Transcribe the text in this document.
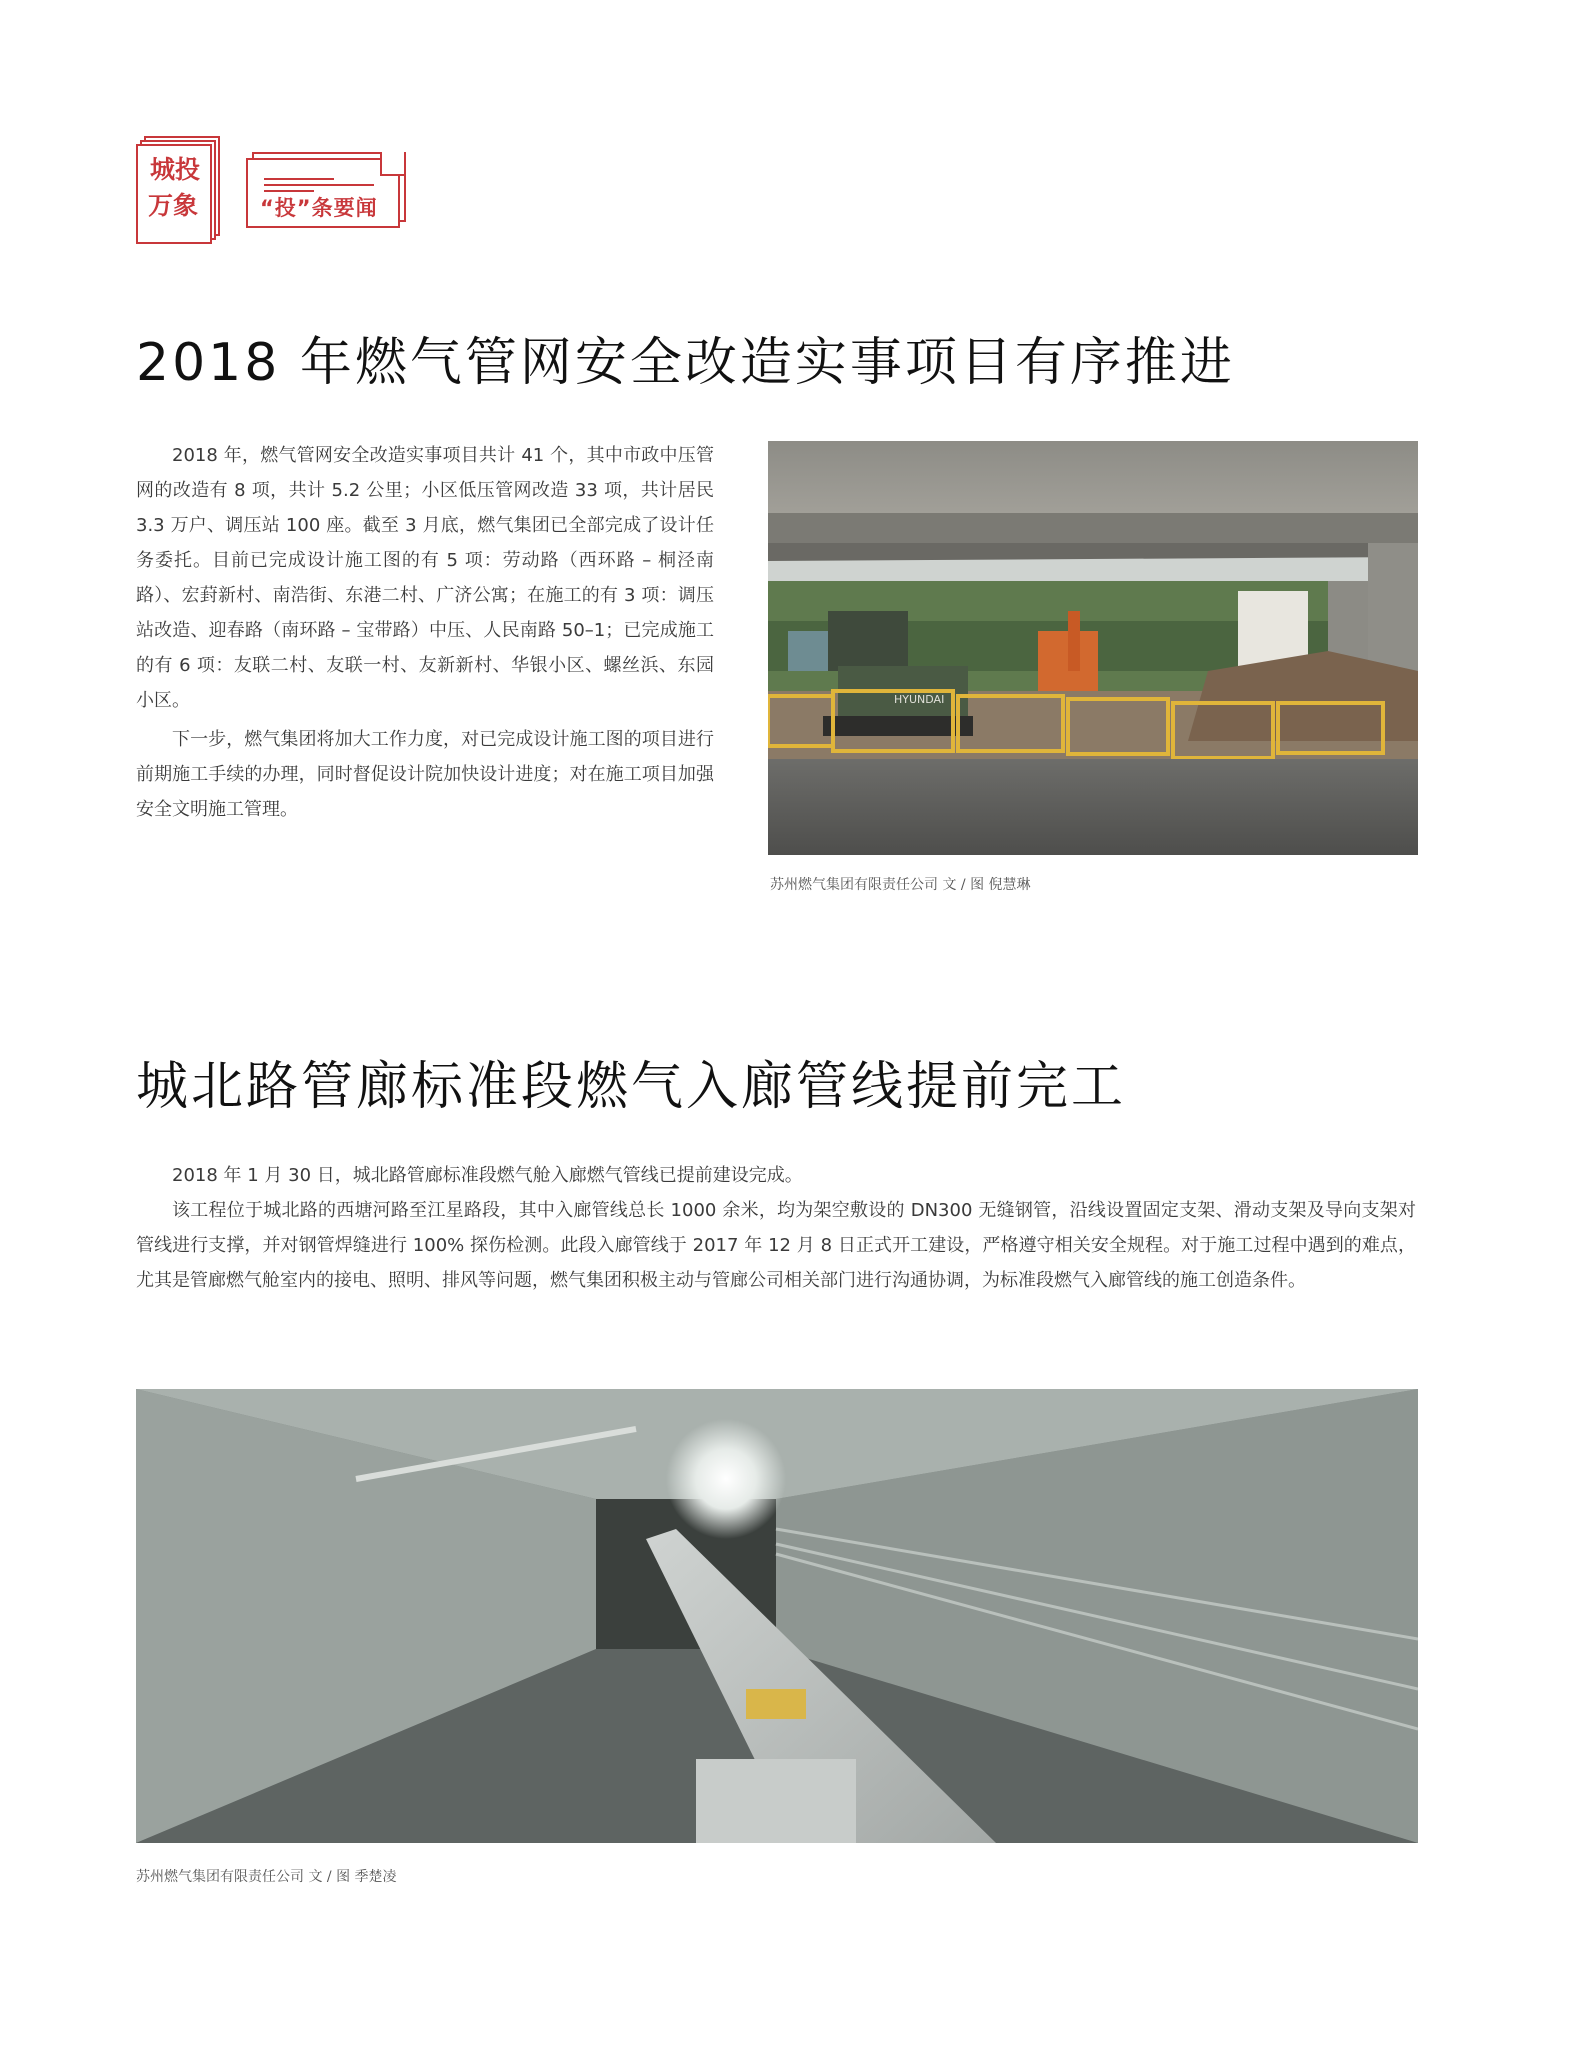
城投
万象	“投”条要闻
2018 年燃气管网安全改造实事项目有序推进

2018 年，燃气管网安全改造实事项目共计 41 个，其中市政中压管网的改造有 8 项，共计 5.2 公里；小区低压管网改造 33 项，共计居民 3.3 万户、调压站 100 座。截至 3 月底，燃气集团已全部完成了设计任务委托。目前已完成设计施工图的有 5 项：劳动路（西环路 – 桐泾南路）、宏葑新村、南浩街、东港二村、广济公寓；在施工的有 3 项：调压站改造、迎春路（南环路 – 宝带路）中压、人民南路 50–1；已完成施工的有 6 项：友联二村、友联一村、友新新村、华银小区、螺丝浜、东园小区。

下一步，燃气集团将加大工作力度，对已完成设计施工图的项目进行前期施工手续的办理，同时督促设计院加快设计进度；对在施工项目加强安全文明施工管理。

HYUNDAI
苏州燃气集团有限责任公司 文 / 图 倪慧琳
城北路管廊标准段燃气入廊管线提前完工

2018 年 1 月 30 日，城北路管廊标准段燃气舱入廊燃气管线已提前建设完成。

该工程位于城北路的西塘河路至江星路段，其中入廊管线总长 1000 余米，均为架空敷设的 DN300 无缝钢管，沿线设置固定支架、滑动支架及导向支架对管线进行支撑，并对钢管焊缝进行 100% 探伤检测。此段入廊管线于 2017 年 12 月 8 日正式开工建设，严格遵守相关安全规程。对于施工过程中遇到的难点，尤其是管廊燃气舱室内的接电、照明、排风等问题，燃气集团积极主动与管廊公司相关部门进行沟通协调，为标准段燃气入廊管线的施工创造条件。

苏州燃气集团有限责任公司 文 / 图 季楚凌
